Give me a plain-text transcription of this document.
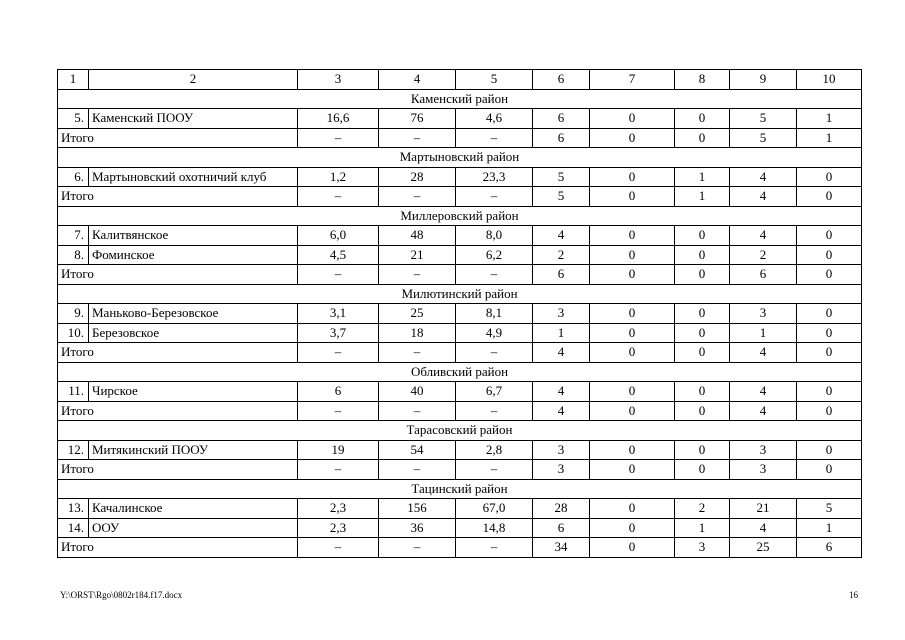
1	2	3	4	5	6	7	8	9	10
Каменский район									
5.	Каменский ПООУ	16,6	76	4,6	6	0	0	5	1
Итого		–	–	–	6	0	0	5	1
Мартыновский район									
6.	Мартыновский охотничий клуб	1,2	28	23,3	5	0	1	4	0
Итого		–	–	–	5	0	1	4	0
Миллеровский район									
7.	Калитвянское	6,0	48	8,0	4	0	0	4	0
8.	Фоминское	4,5	21	6,2	2	0	0	2	0
Итого		–	–	–	6	0	0	6	0
Милютинский район									
9.	Маньково-Березовское	3,1	25	8,1	3	0	0	3	0
10.	Березовское	3,7	18	4,9	1	0	0	1	0
Итого		–	–	–	4	0	0	4	0
Обливский район									
11.	Чирское	6	40	6,7	4	0	0	4	0
Итого		–	–	–	4	0	0	4	0
Тарасовский район									
12.	Митякинский ПООУ	19	54	2,8	3	0	0	3	0
Итого		–	–	–	3	0	0	3	0
Тацинский район									
13.	Качалинское	2,3	156	67,0	28	0	2	21	5
14.	ООУ	2,3	36	14,8	6	0	1	4	1
Итого		–	–	–	34	0	3	25	6
Y:\ORST\Rgo\0802r184.f17.docx	16
